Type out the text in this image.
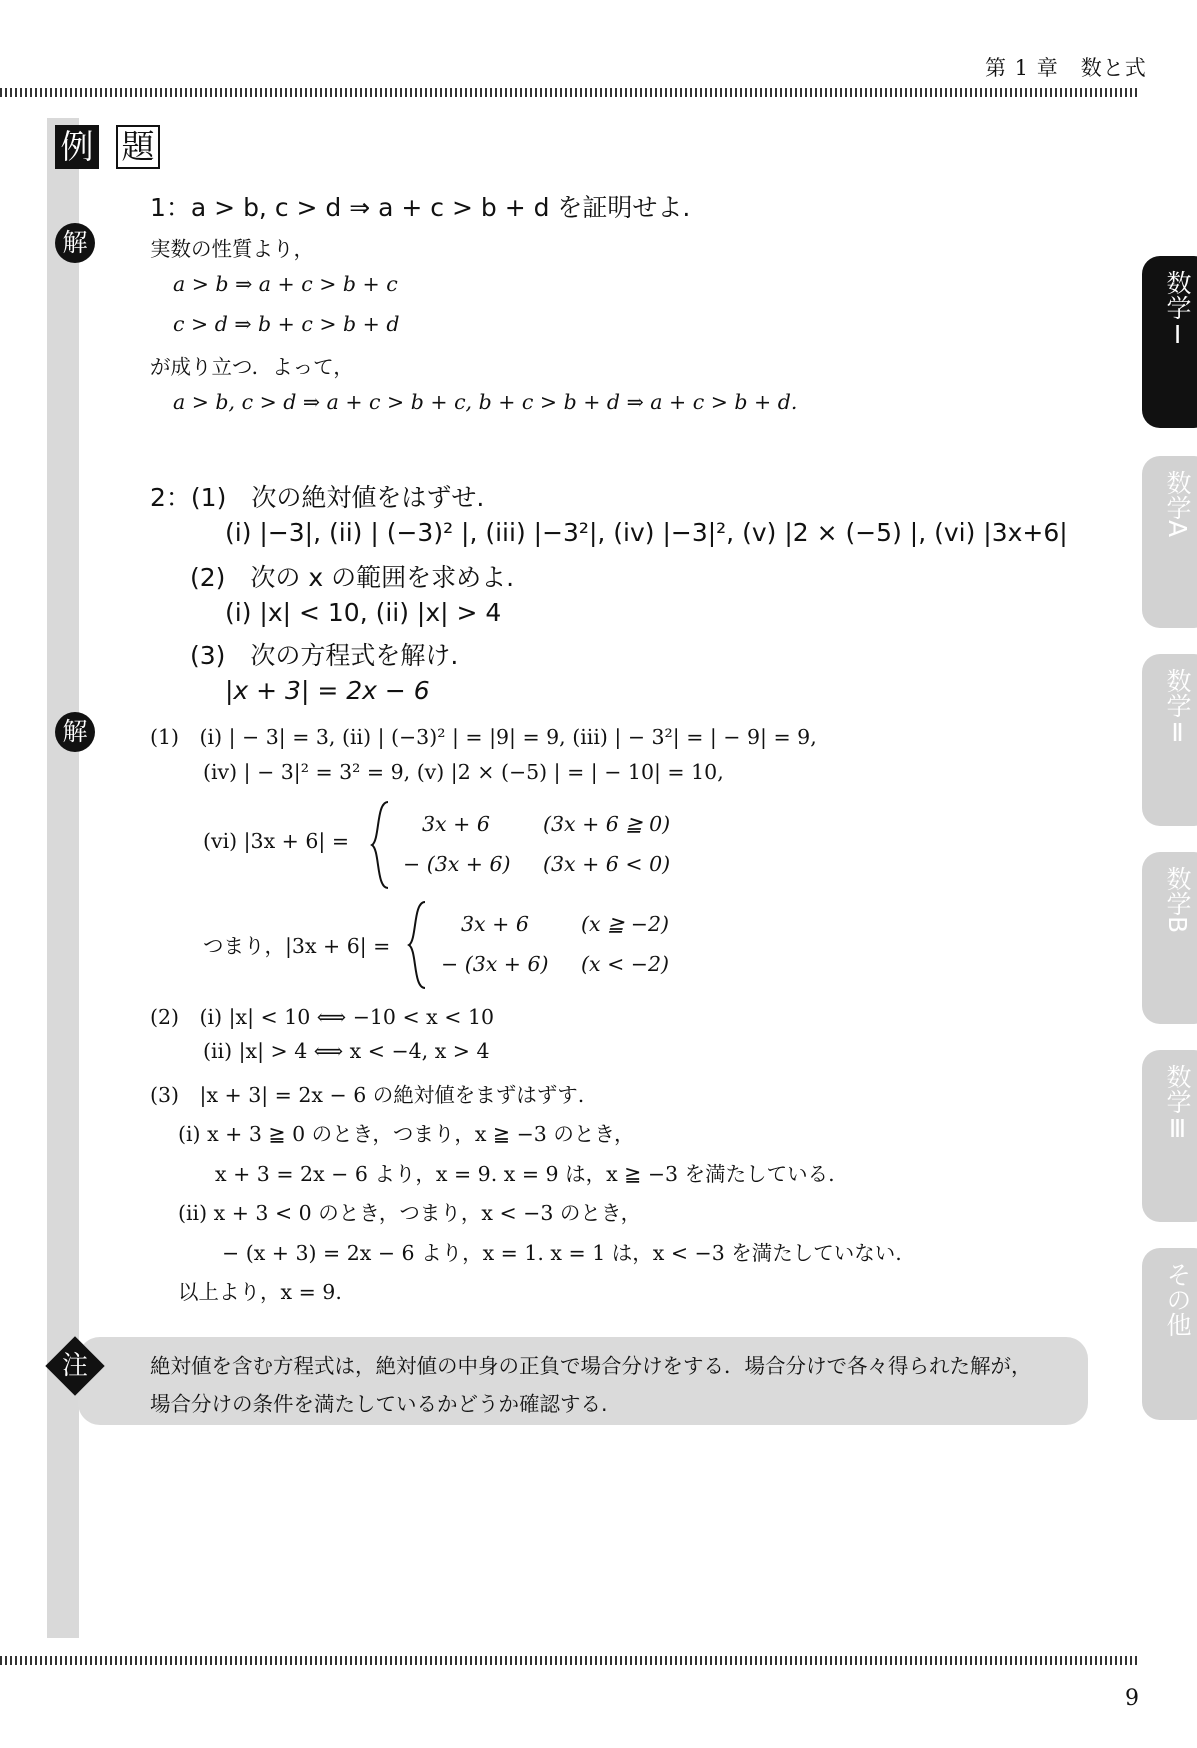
第 1 章　数と式
例 題
1：a > b, c > d ⇒ a + c > b + d を証明せよ.
解	実数の性質より，
a > b ⇒ a + c > b + c
c > d ⇒ b + c > b + d
が成り立つ．よって，
a > b, c > d ⇒ a + c > b + c, b + c > b + d ⇒ a + c > b + d.
2：(1)　次の絶対値をはずせ.
(i) |−3|, (ii) | (−3)² |, (iii) |−3²|, (iv) |−3|², (v) |2 × (−5) |, (vi) |3x+6|
(2)　次の x の範囲を求めよ.
(i) |x| < 10, (ii) |x| > 4
(3)　次の方程式を解け.
|x + 3| = 2x − 6
解	(1)　(i) | − 3| = 3, (ii) | (−3)² | = |9| = 9, (iii) | − 3²| = | − 9| = 9,
(iv) | − 3|² = 3² = 9, (v) |2 × (−5) | = | − 10| = 10,
(vi) |3x + 6| =
3x + 6	(3x + 6 ≧ 0)
− (3x + 6) (3x + 6 < 0)
つまり，|3x + 6| =
3x + 6	(x ≧ −2)
− (3x + 6) (x < −2)
(2)　(i) |x| < 10 ⟺ −10 < x < 10
(ii) |x| > 4 ⟺ x < −4, x > 4
(3)　|x + 3| = 2x − 6 の絶対値をまずはずす.
(i) x + 3 ≧ 0 のとき，つまり，x ≧ −3 のとき，
x + 3 = 2x − 6 より，x = 9. x = 9 は，x ≧ −3 を満たしている.
(ii) x + 3 < 0 のとき，つまり，x < −3 のとき，
− (x + 3) = 2x − 6 より，x = 1. x = 1 は，x < −3 を満たしていない.
以上より，x = 9.
注	絶対値を含む方程式は，絶対値の中身の正負で場合分けをする．場合分けで各々得られた解が，
場合分けの条件を満たしているかどうか確認する.
数学Ⅰ
数学A
数学Ⅱ
数学B
数学Ⅲ
その他
9
